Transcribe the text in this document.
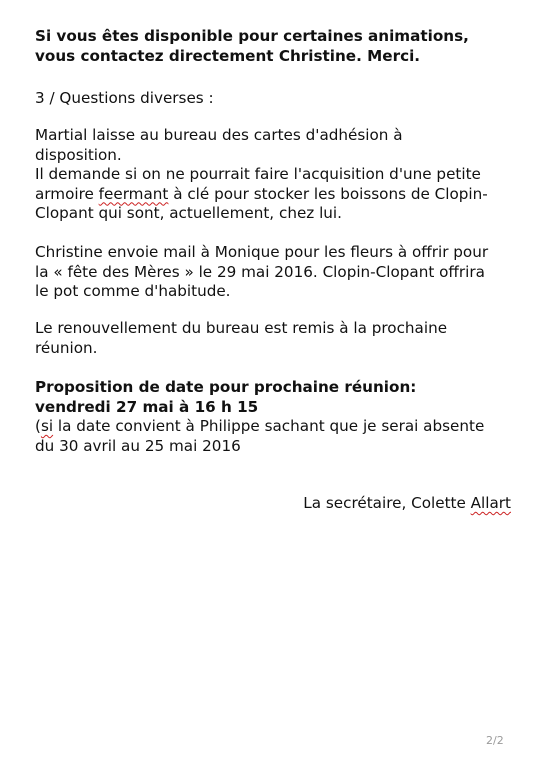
Si vous êtes disponible pour certaines animations,
vous contactez directement Christine. Merci.
3 / Questions diverses :
Martial laisse au bureau des cartes d'adhésion à
disposition.
Il demande si on ne pourrait faire l'acquisition d'une petite
armoire feermant à clé pour stocker les boissons de Clopin-
Clopant qui sont, actuellement, chez lui.
Christine envoie mail à Monique pour les fleurs à offrir pour
la « fête des Mères » le 29 mai 2016. Clopin-Clopant offrira
le pot comme d'habitude.
Le renouvellement du bureau est remis à la prochaine
réunion.
Proposition de date pour prochaine réunion:
vendredi 27 mai à 16 h 15
(si la date convient à Philippe sachant que je serai absente
du 30 avril au 25 mai 2016
La secrétaire, Colette Allart
2/2
